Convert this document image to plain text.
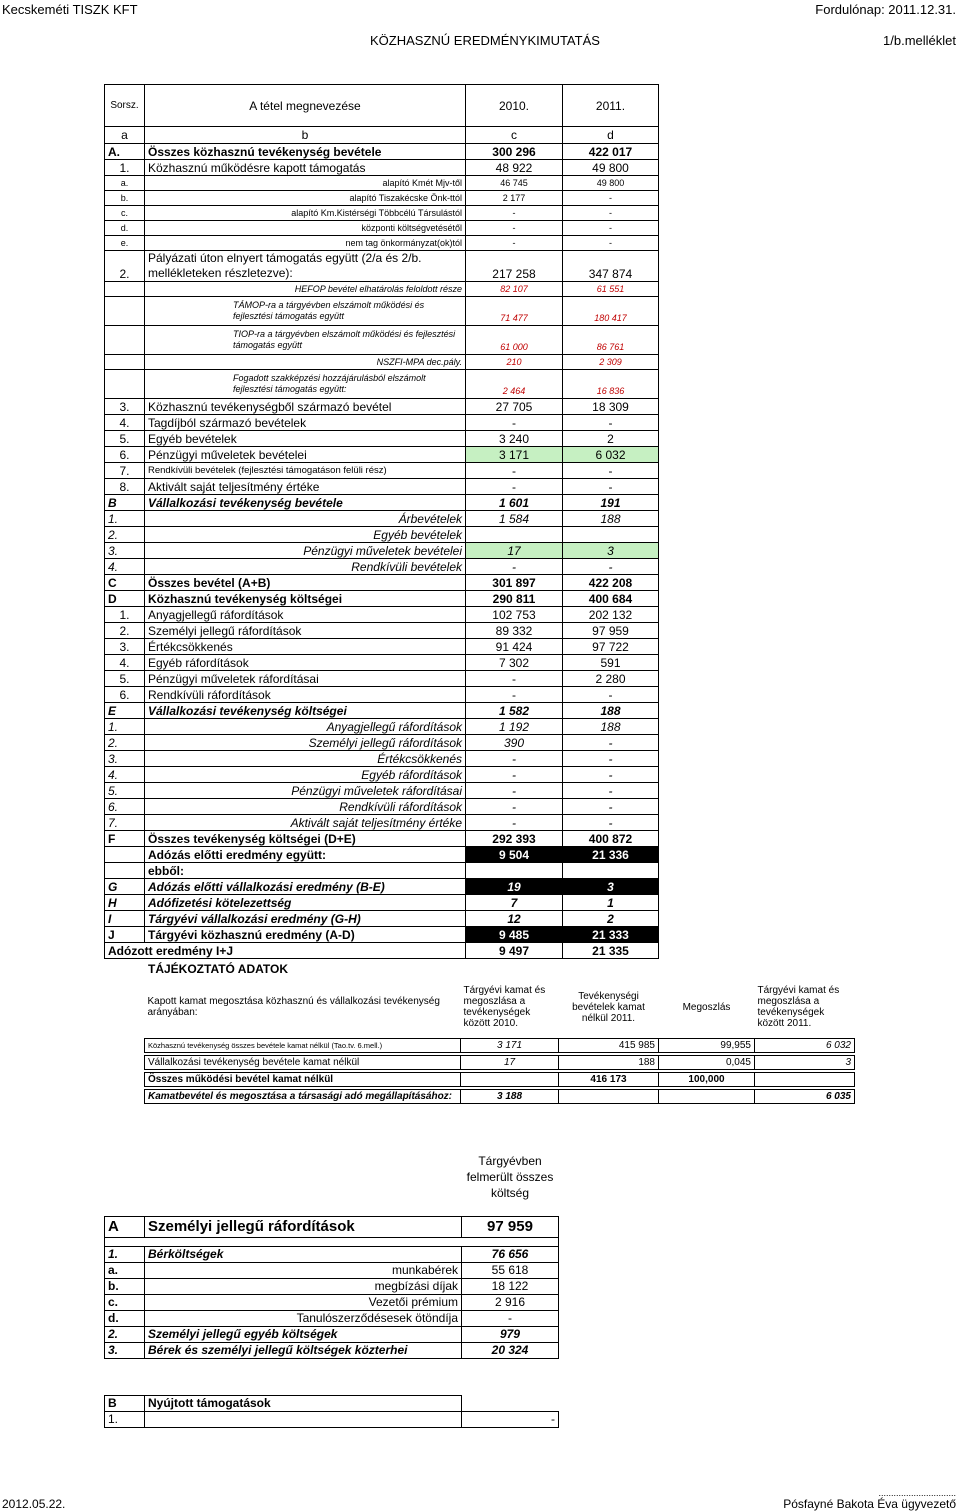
Kecskeméti TISZK KFT	Fordulónap: 2011.12.31.
KÖZHASZNÚ EREDMÉNYKIMUTATÁS	1/b.melléklet
Sorsz.	A tétel megnevezése	2010.	2011.
a	b	c	d
A.	Összes közhasznú tevékenység bevétele	300 296	422 017
1.	Közhasznú működésre kapott támogatás	48 922	49 800
a.	alapító Kmét Mjv-től	46 745	49 800
b.	alapító Tiszakécske Önk-ttól	2 177	-
c.	alapító Km.Kistérségi Többcélú Társulástól	-	-
d.	központi költségvetésétől	-	-
e.	nem tag önkormányzat(ok)tól	-	-
2.	Pályázati úton elnyert támogatás együtt (2/a és 2/b. mellékleteken részletezve):	217 258	347 874
	HEFOP bevétel elhatárolás feloldott része	82 107	61 551
	TÁMOP-ra a tárgyévben elszámolt működési és fejlesztési támogatás együtt	71 477	180 417
	TIOP-ra a tárgyévben elszámolt működési és fejlesztési támogatás együtt	61 000	86 761
	NSZFI-MPA dec.pály.	210	2 309
	Fogadott szakképzési hozzájárulásból elszámolt fejlesztési támogatás együtt:	2 464	16 836
3.	Közhasznú tevékenységből származó bevétel	27 705	18 309
4.	Tagdíjból származó bevételek	-	-
5.	Egyéb bevételek	3 240	2
6.	Pénzügyi műveletek bevételei	3 171	6 032
7.	Rendkívüli bevételek (fejlesztési támogatáson felüli rész)	-	-
8.	Aktivált saját teljesítmény értéke	-	-
B	Vállalkozási tevékenység bevétele	1 601	191
1.	Árbevételek	1 584	188
2.	Egyéb bevételek		
3.	Pénzügyi műveletek bevételei	17	3
4.	Rendkívüli bevételek	-	-
C	Összes bevétel (A+B)	301 897	422 208
D	Közhasznú tevékenység költségei	290 811	400 684
1.	Anyagjellegű ráfordítások	102 753	202 132
2.	Személyi jellegű ráfordítások	89 332	97 959
3.	Értékcsökkenés	91 424	97 722
4.	Egyéb ráfordítások	7 302	591
5.	Pénzügyi műveletek ráfordításai	-	2 280
6.	Rendkívüli ráfordítások	-	-
E	Vállalkozási tevékenység költségei	1 582	188
1.	Anyagjellegű ráfordítások	1 192	188
2.	Személyi jellegű ráfordítások	390	-
3.	Értékcsökkenés	-	-
4.	Egyéb ráfordítások	-	-
5.	Pénzügyi műveletek ráfordításai	-	-
6.	Rendkívüli ráfordítások	-	-
7.	Aktivált saját teljesítmény értéke	-	-
F	Összes tevékenység költségei (D+E)	292 393	400 872
	Adózás előtti eredmény együtt:	9 504	21 336
	ebből:		
G	Adózás előtti vállalkozási eredmény (B-E)	19	3
H	Adófizetési kötelezettség	7	1
I	Tárgyévi vállalkozási eredmény (G-H)	12	2
J	Tárgyévi közhasznú eredmény (A-D)	9 485	21 333
Adózott eredmény I+J		9 497	21 335
TÁJÉKOZTATÓ ADATOK
Kapott kamat megosztása közhasznú és vállalkozási tevékenység arányában:	Tárgyévi kamat és megoszlása a tevékenységek között 2010.	Tevékenységi bevételek kamat nélkül 2011.	Megoszlás	Tárgyévi kamat és megoszlása a tevékenységek között 2011.
Közhasznú tevékenység összes bevétele kamat nélkül (Tao.tv. 6.mell.)	3 171	415 985	99,955	6 032

Vállalkozási tevékenység bevétele kamat nélkül	17	188	0,045	3

Összes működési bevétel kamat nélkül		416 173	100,000	

Kamatbevétel és megosztása a társasági adó megállapításához:	3 188			6 035
		Tárgyévben felmerült összes költség
A	Személyi jellegű ráfordítások	97 959

1.	Bérköltségek	76 656
a.	munkabérek	55 618
b.	megbízási díjak	18 122
c.	Vezetői prémium	2 916
d.	Tanulószerződésesek ötöndíja	-
2.	Személyi jellegű egyéb költségek	979
3.	Bérek és személyi jellegű költségek közterhei	20 324
B	Nyújtott támogatások	
1.		-
2012.05.22.
...............................
Pósfayné Bakota Éva ügyvezető
